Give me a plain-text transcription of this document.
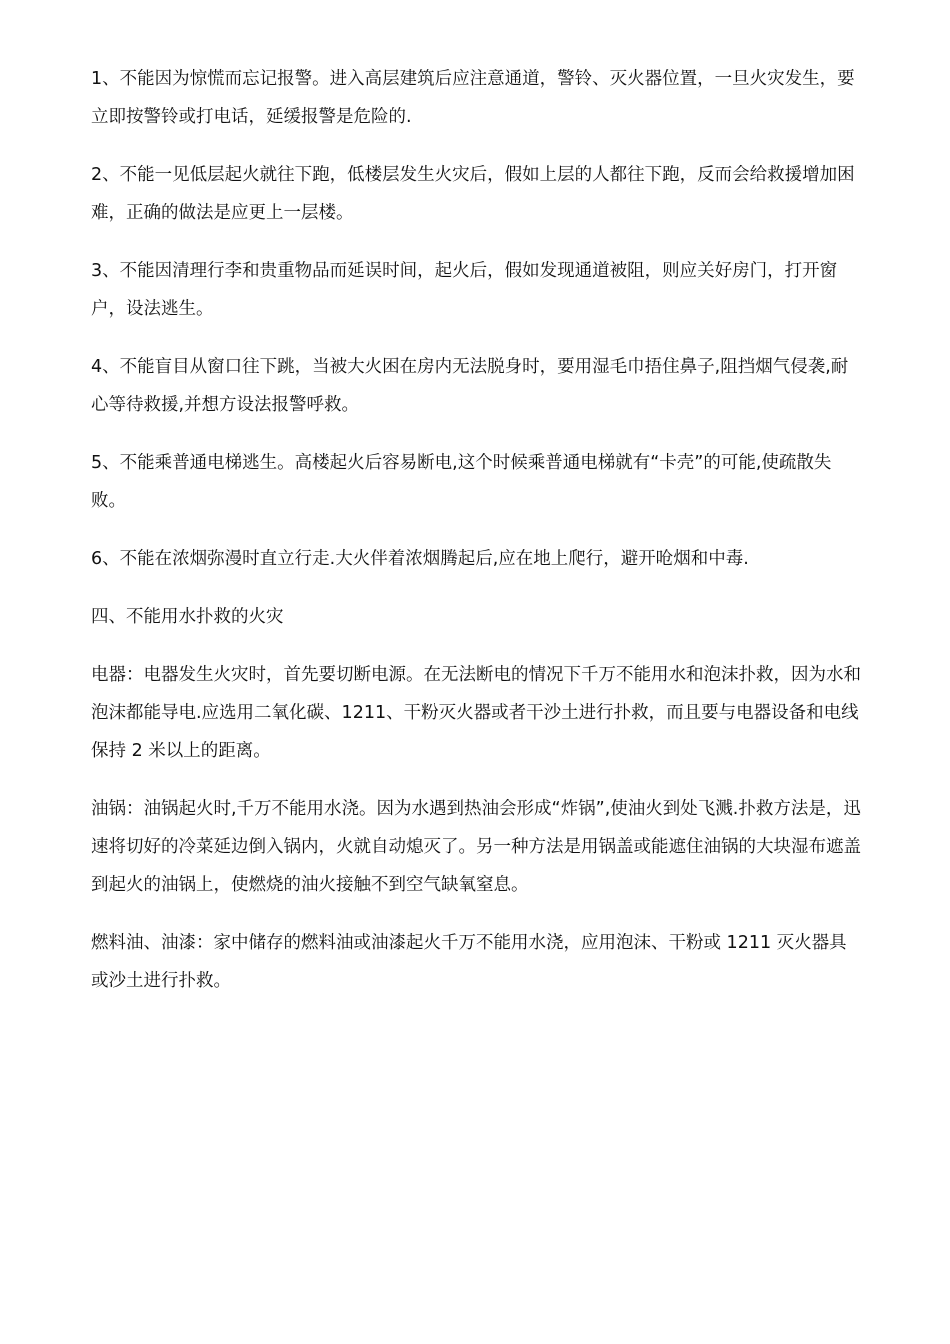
1、不能因为惊慌而忘记报警。进入高层建筑后应注意通道，警铃、灭火器位置，一旦火灾发生，要立即按警铃或打电话，延缓报警是危险的.

2、不能一见低层起火就往下跑，低楼层发生火灾后，假如上层的人都往下跑，反而会给救援增加困难，正确的做法是应更上一层楼。

3、不能因清理行李和贵重物品而延误时间，起火后，假如发现通道被阻，则应关好房门，打开窗户，设法逃生。

4、不能盲目从窗口往下跳，当被大火困在房内无法脱身时，要用湿毛巾捂住鼻子,阻挡烟气侵袭,耐心等待救援,并想方设法报警呼救。

5、不能乘普通电梯逃生。高楼起火后容易断电,这个时候乘普通电梯就有“卡壳”的可能,使疏散失败。

6、不能在浓烟弥漫时直立行走.大火伴着浓烟腾起后,应在地上爬行，避开呛烟和中毒.

四、不能用水扑救的火灾

电器：电器发生火灾时，首先要切断电源。在无法断电的情况下千万不能用水和泡沫扑救，因为水和泡沫都能导电.应选用二氧化碳、1211、干粉灭火器或者干沙土进行扑救，而且要与电器设备和电线保持 2 米以上的距离。

油锅：油锅起火时,千万不能用水浇。因为水遇到热油会形成“炸锅”,使油火到处飞溅.扑救方法是，迅速将切好的冷菜延边倒入锅内，火就自动熄灭了。另一种方法是用锅盖或能遮住油锅的大块湿布遮盖到起火的油锅上，使燃烧的油火接触不到空气缺氧窒息。

燃料油、油漆：家中储存的燃料油或油漆起火千万不能用水浇，应用泡沫、干粉或 1211 灭火器具或沙土进行扑救。
